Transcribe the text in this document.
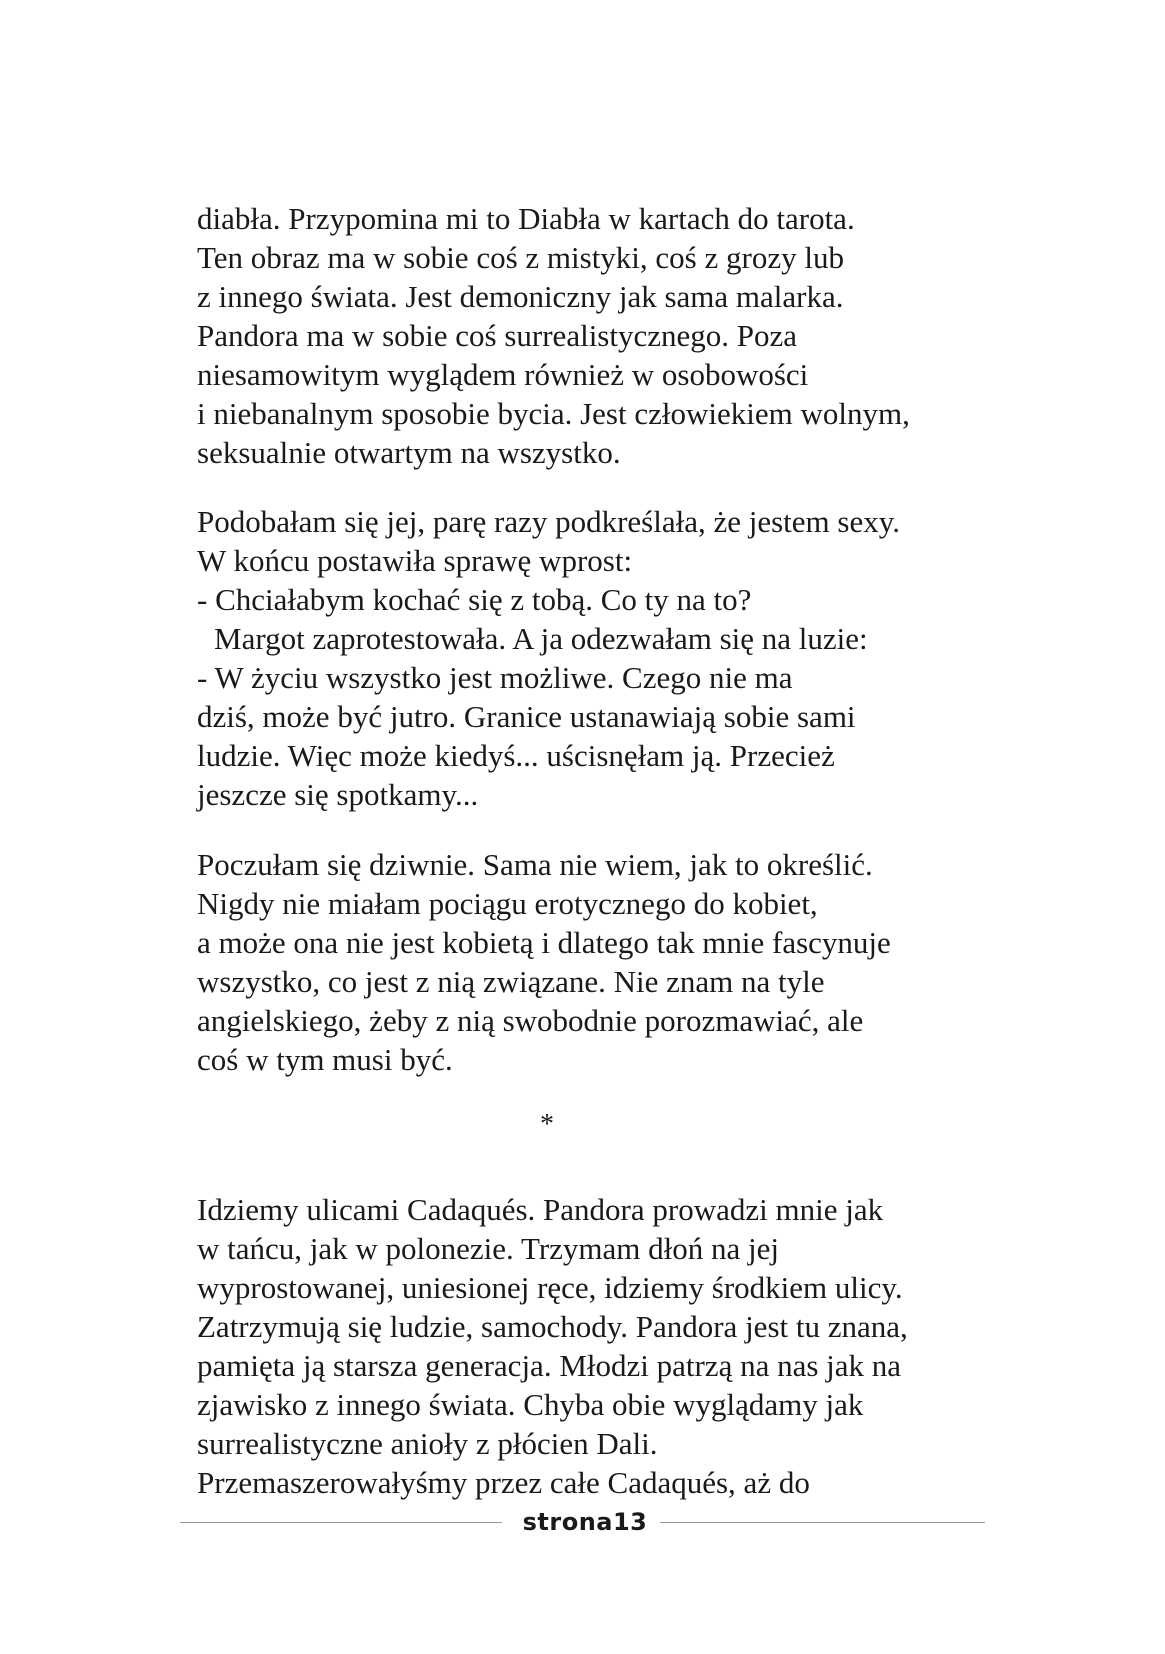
diabła. Przypomina mi to Diabła w kartach do tarota.
Ten obraz ma w sobie coś z mistyki, coś z grozy lub
z innego świata. Jest demoniczny jak sama malarka.
Pandora ma w sobie coś surrealistycznego. Poza
niesamowitym wyglądem również w osobowości
i niebanalnym sposobie bycia. Jest człowiekiem wolnym,
seksualnie otwartym na wszystko.
Podobałam się jej, parę razy podkreślała, że jestem sexy.
W końcu postawiła sprawę wprost:
- Chciałabym kochać się z tobą. Co ty na to?
Margot zaprotestowała. A ja odezwałam się na luzie:
- W życiu wszystko jest możliwe. Czego nie ma
dziś, może być jutro. Granice ustanawiają sobie sami
ludzie. Więc może kiedyś... uścisnęłam ją. Przecież
jeszcze się spotkamy...
Poczułam się dziwnie. Sama nie wiem, jak to określić.
Nigdy nie miałam pociągu erotycznego do kobiet,
a może ona nie jest kobietą i dlatego tak mnie fascynuje
wszystko, co jest z nią związane. Nie znam na tyle
angielskiego, żeby z nią swobodnie porozmawiać, ale
coś w tym musi być.
*
Idziemy ulicami Cadaqués. Pandora prowadzi mnie jak
w tańcu, jak w polonezie. Trzymam dłoń na jej
wyprostowanej, uniesionej ręce, idziemy środkiem ulicy.
Zatrzymują się ludzie, samochody. Pandora jest tu znana,
pamięta ją starsza generacja. Młodzi patrzą na nas jak na
zjawisko z innego świata. Chyba obie wyglądamy jak
surrealistyczne anioły z płócien Dali.
Przemaszerowałyśmy przez całe Cadaqués, aż do
strona13
